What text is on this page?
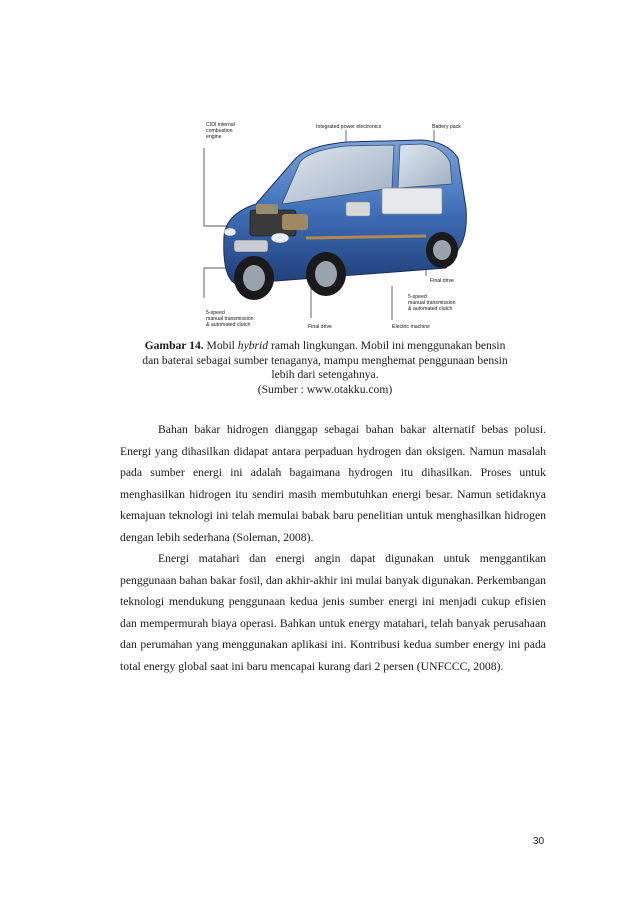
CIDI internal combustion engine
Integrated power electronics	Battery pack
Final drive
5-speed manual transmission & automated clutch
5-speed manual transmission & automated clutch	Final drive	Electric machine
Gambar 14. Mobil hybrid ramah lingkungan. Mobil ini menggunakan bensin dan baterai sebagai sumber tenaganya, mampu menghemat penggunaan bensin lebih dari setengahnya.
(Sumber : www.otakku.com)

Bahan bakar hidrogen dianggap sebagai bahan bakar alternatif bebas polusi. Energi yang dihasilkan didapat antara perpaduan hydrogen dan oksigen. Namun masalah pada sumber energi ini adalah bagaimana hydrogen itu dihasilkan. Proses untuk menghasilkan hidrogen itu sendiri masih membutuhkan energi besar. Namun setidaknya kemajuan teknologi ini telah memulai babak baru penelitian untuk menghasilkan hidrogen dengan lebih sederhana (Soleman, 2008).

Energi matahari dan energi angin dapat digunakan untuk menggantikan penggunaan bahan bakar fosil, dan akhir-akhir ini mulai banyak digunakan. Perkembangan teknologi mendukung penggunaan kedua jenis sumber energi ini menjadi cukup efisien dan mempermurah biaya operasi. Bahkan untuk energy matahari, telah banyak perusahaan dan perumahan yang menggunakan aplikasi ini. Kontribusi kedua sumber energy ini pada total energy global saat ini baru mencapai kurang dari 2 persen (UNFCCC, 2008).

30
